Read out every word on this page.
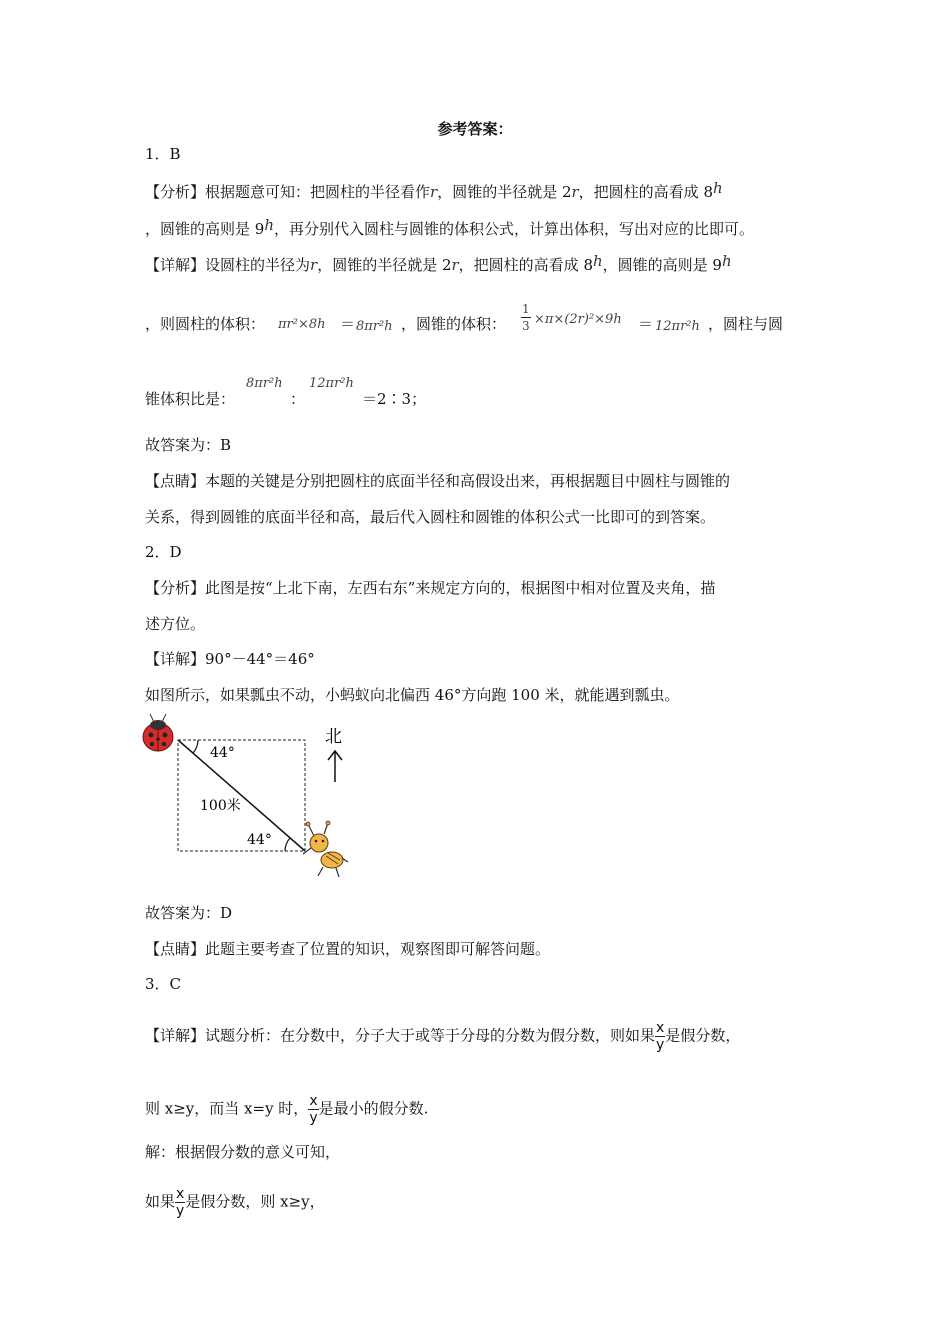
参考答案：
1．B
【分析】根据题意可知：把圆柱的半径看作r，圆锥的半径就是 2r，把圆柱的高看成 8h
，圆锥的高则是 9h，再分别代入圆柱与圆锥的体积公式，计算出体积，写出对应的比即可。
【详解】设圆柱的半径为r，圆锥的半径就是 2r，把圆柱的高看成 8h，圆锥的高则是 9h
，则圆柱的体积： πr²×8h ＝ 8πr²h ，圆锥的体积： $\frac{1}{3} \times\pi\times(2r)^2\times 9h = 12\pi r^2h$ ，圆柱与圆
锥体积比是：
8πr²h
：
12πr²h
＝2∶3；
故答案为：B
【点睛】本题的关键是分别把圆柱的底面半径和高假设出来，再根据题目中圆柱与圆锥的
关系，得到圆锥的底面半径和高，最后代入圆柱和圆锥的体积公式一比即可的到答案。
2．D
【分析】此图是按“上北下南，左西右东”来规定方向的，根据图中相对位置及夹角，描
述方位。
【详解】90°－44°＝46°
如图所示，如果瓢虫不动，小蚂蚁向北偏西 46°方向跑 100 米，就能遇到瓢虫。
44°
44°
100米
北
故答案为：D
【点睛】此题主要考查了位置的知识，观察图即可解答问题。
3．C
【详解】试题分析：在分数中，分子大于或等于分母的分数为假分数，则如果 $\frac{x}{y}$ 是假分数，
则 x≥y，而当 x=y 时， $\frac{x}{y}$ 是最小的假分数.
解：根据假分数的意义可知，
如果 $\frac{x}{y}$ 是假分数，则 x≥y，
